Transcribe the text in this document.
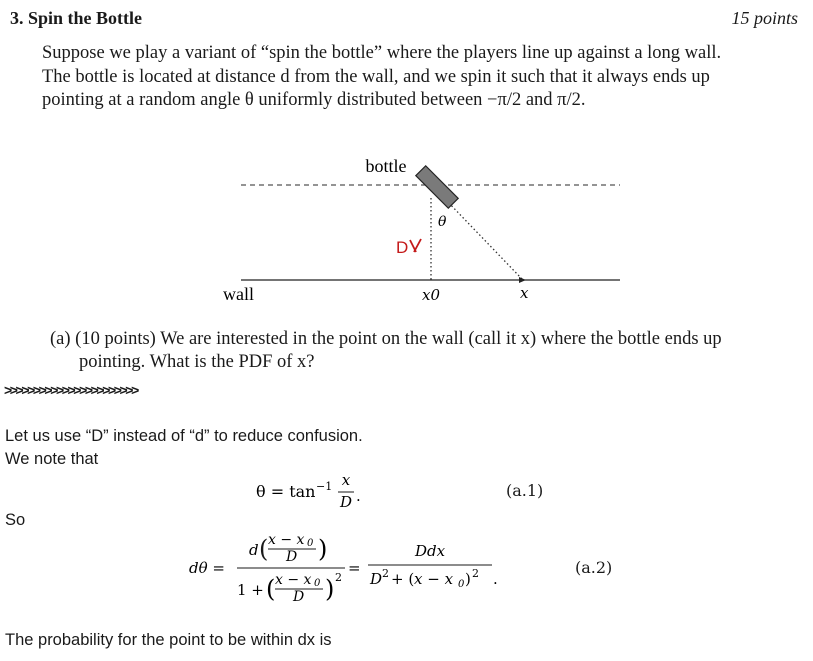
3. Spin the Bottle	15 points
Suppose we play a variant of “spin the bottle” where the players line up against a long wall.
The bottle is located at distance d from the wall, and we spin it such that it always ends up
pointing at a random angle θ uniformly distributed between −π/2 and π/2.
bottle
θ
D
wall	x0	x
(a) (10 points) We are interested in the point on the wall (call it x) where the bottle ends up
pointing. What is the PDF of x?
>>>>>>>>>>>>>>>>>>>>>>>
Let us use “D” instead of “d” to reduce confusion.
We note that
θ = tan −1 x
D .	(a.1)
So
dθ =
d ( x − x 0
D )
1 + ( x − x 0
D ) 2
=
Ddx
D 2 + ( x − x 0 ) 2 .
(a.2)
The probability for the point to be within dx is
